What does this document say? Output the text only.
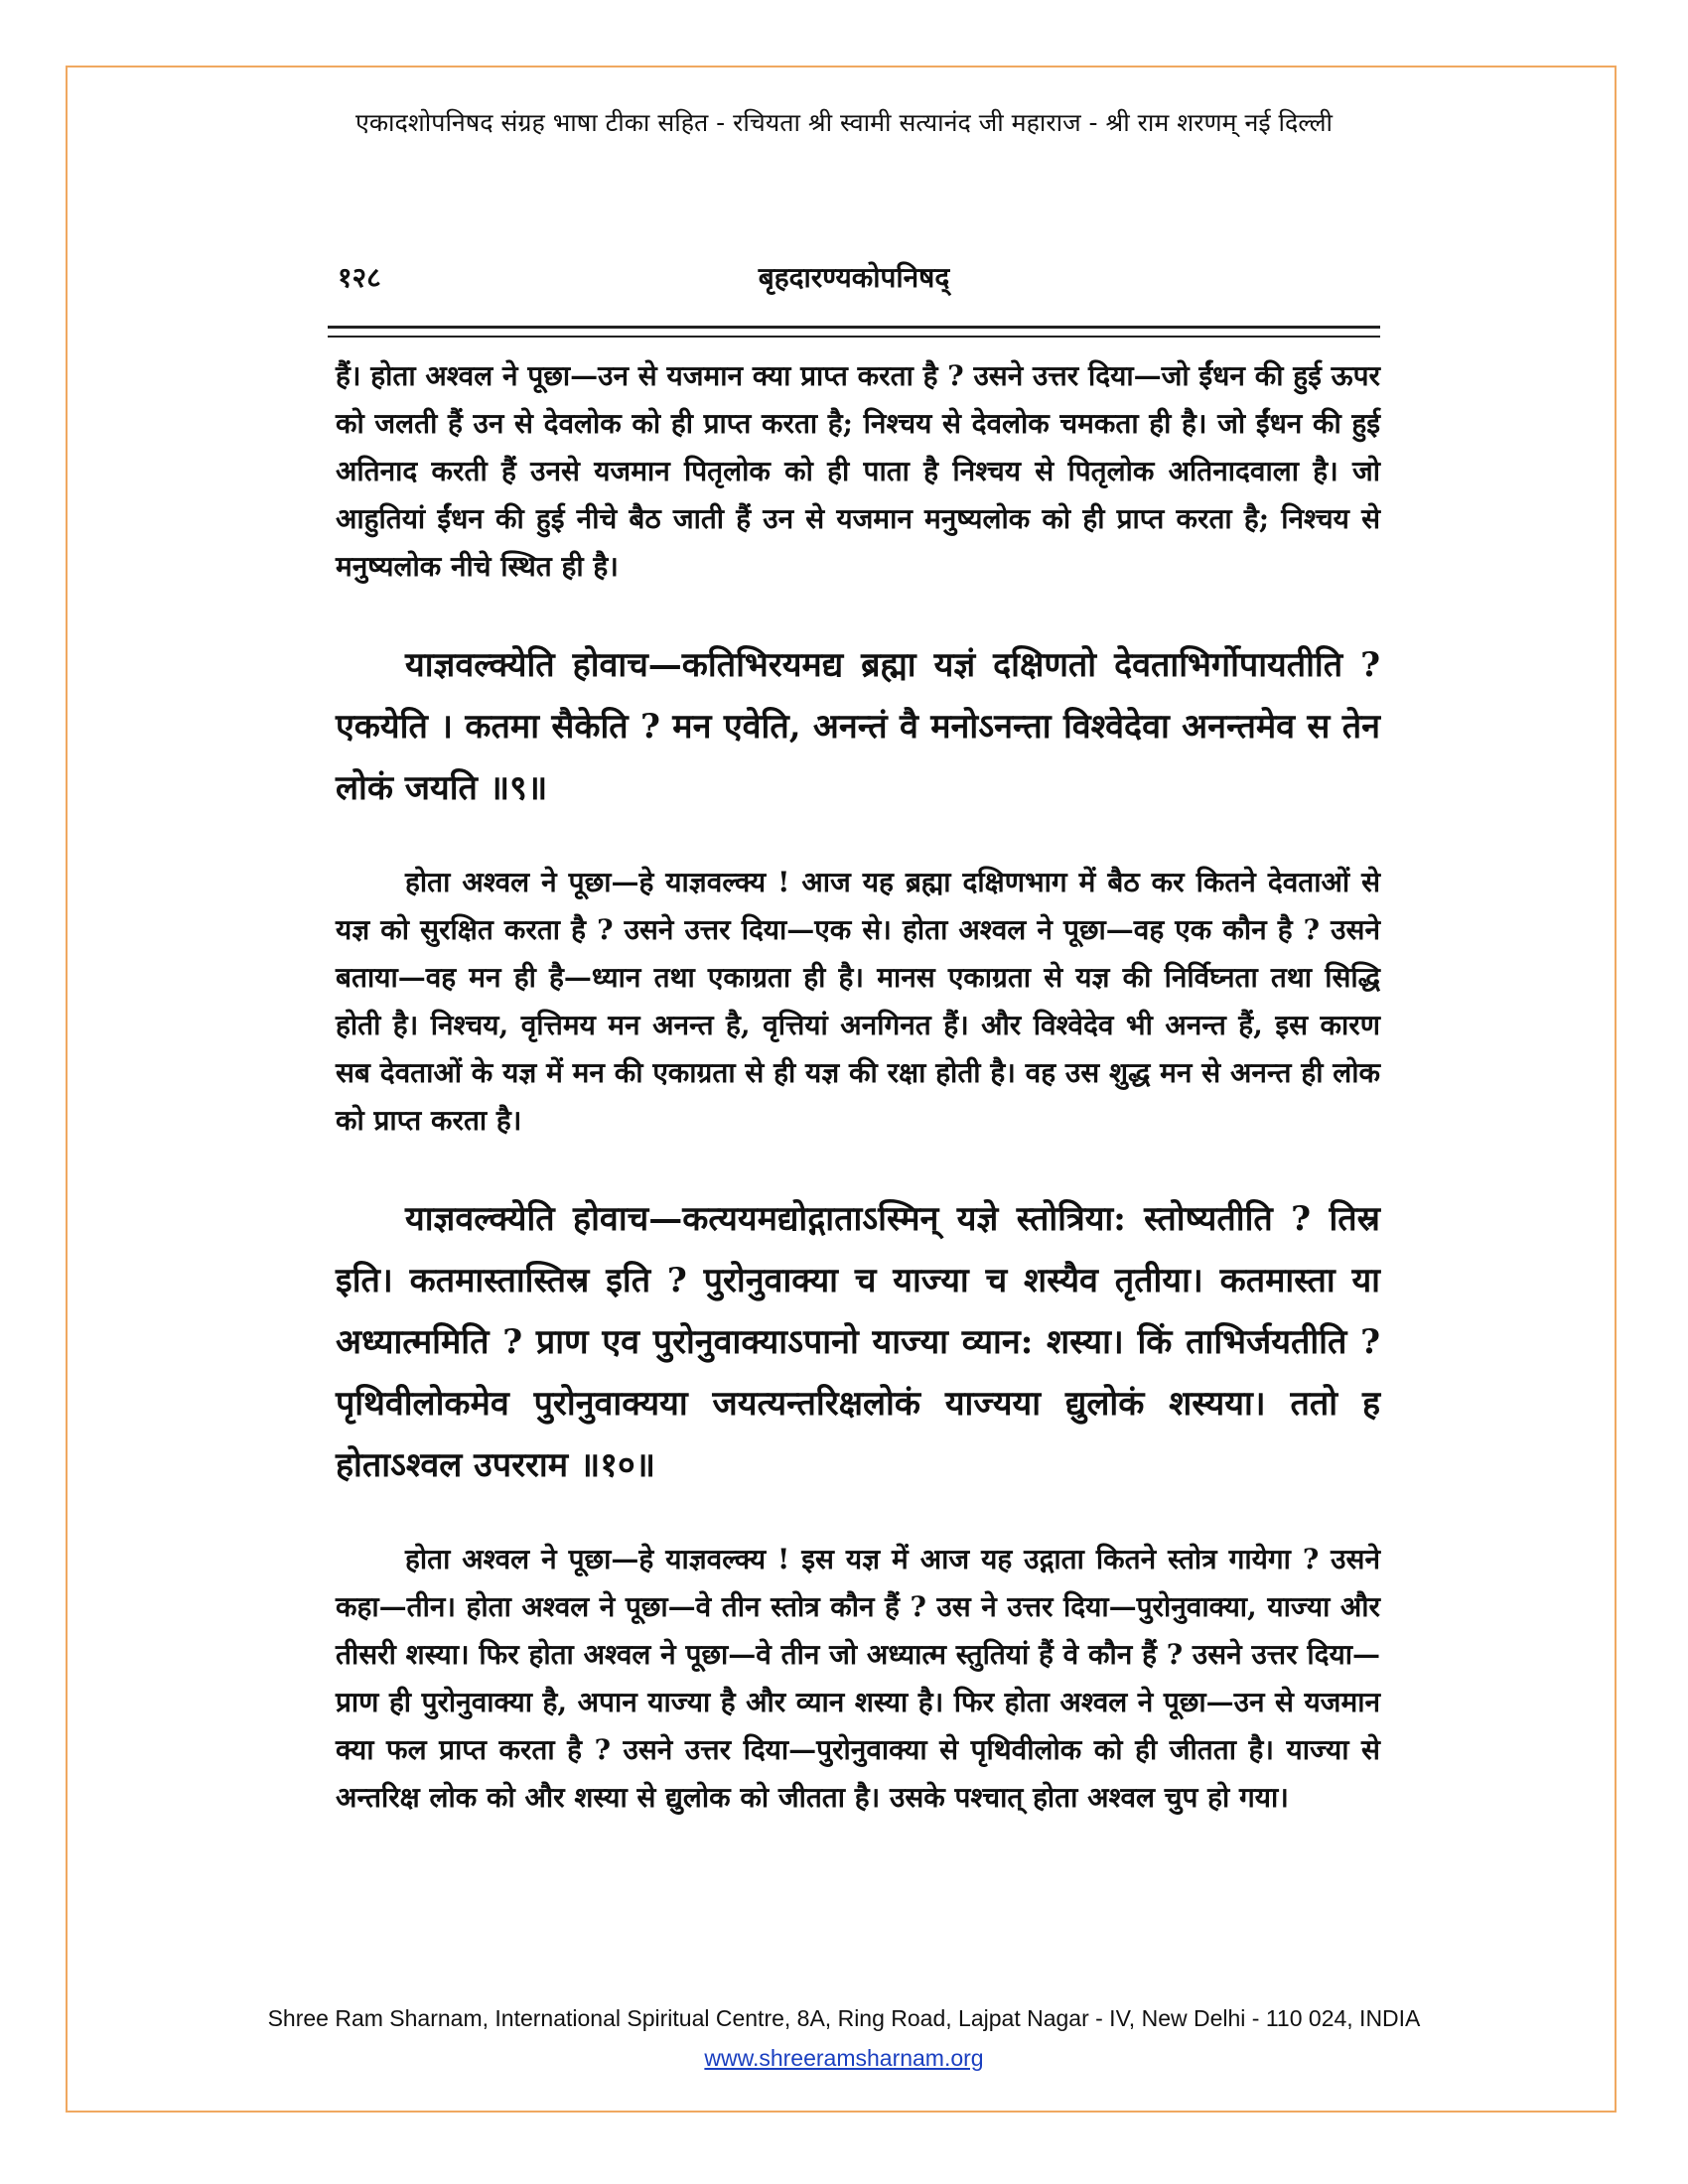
एकादशोपनिषद संग्रह भाषा टीका सहित - रचियता श्री स्वामी सत्यानंद जी महाराज - श्री राम शरणम् नई दिल्ली
१२८	बृहदारण्यकोपनिषद्

हैं। होता अश्वल ने पूछा—उन से यजमान क्या प्राप्त करता है ? उसने उत्तर दिया—जो ईंधन की हुई ऊपर को जलती हैं उन से देवलोक को ही प्राप्त करता है; निश्चय से देवलोक चमकता ही है। जो ईंधन की हुई अतिनाद करती हैं उनसे यजमान पितृलोक को ही पाता है निश्चय से पितृलोक अतिनादवाला है। जो आहुतियां ईंधन की हुई नीचे बैठ जाती हैं उन से यजमान मनुष्यलोक को ही प्राप्त करता है; निश्चय से मनुष्यलोक नीचे स्थित ही है।

याज्ञवल्क्येति होवाच—कतिभिरयमद्य ब्रह्मा यज्ञं दक्षिणतो देवताभिर्गोपायतीति ? एकयेति । कतमा सैकेति ? मन एवेति, अनन्तं वै मनोऽनन्ता विश्वेदेवा अनन्तमेव स तेन लोकं जयति ॥९॥

होता अश्वल ने पूछा—हे याज्ञवल्क्य ! आज यह ब्रह्मा दक्षिणभाग में बैठ कर कितने देवताओं से यज्ञ को सुरक्षित करता है ? उसने उत्तर दिया—एक से। होता अश्वल ने पूछा—वह एक कौन है ? उसने बताया—वह मन ही है—ध्यान तथा एकाग्रता ही है। मानस एकाग्रता से यज्ञ की निर्विघ्नता तथा सिद्धि होती है। निश्चय, वृत्तिमय मन अनन्त है, वृत्तियां अनगिनत हैं। और विश्वेदेव भी अनन्त हैं, इस कारण सब देवताओं के यज्ञ में मन की एकाग्रता से ही यज्ञ की रक्षा होती है। वह उस शुद्ध मन से अनन्त ही लोक को प्राप्त करता है।

याज्ञवल्क्येति होवाच—कत्ययमद्योद्गाताऽस्मिन् यज्ञे स्तोत्रिया: स्तोष्यतीति ? तिस्र इति। कतमास्तास्तिस्र इति ? पुरोनुवाक्या च याज्या च शस्यैव तृतीया। कतमास्ता या अध्यात्ममिति ? प्राण एव पुरोनुवाक्याऽपानो याज्या व्यान: शस्या। किं ताभिर्जयतीति ? पृथिवीलोकमेव पुरोनुवाक्यया जयत्यन्तरिक्षलोकं याज्यया द्युलोकं शस्यया। ततो ह होताऽश्वल उपरराम ॥१०॥

होता अश्वल ने पूछा—हे याज्ञवल्क्य ! इस यज्ञ में आज यह उद्गाता कितने स्तोत्र गायेगा ? उसने कहा—तीन। होता अश्वल ने पूछा—वे तीन स्तोत्र कौन हैं ? उस ने उत्तर दिया—पुरोनुवाक्या, याज्या और तीसरी शस्या। फिर होता अश्वल ने पूछा—वे तीन जो अध्यात्म स्तुतियां हैं वे कौन हैं ? उसने उत्तर दिया—प्राण ही पुरोनुवाक्या है, अपान याज्या है और व्यान शस्या है। फिर होता अश्वल ने पूछा—उन से यजमान क्या फल प्राप्त करता है ? उसने उत्तर दिया—पुरोनुवाक्या से पृथिवीलोक को ही जीतता है। याज्या से अन्तरिक्ष लोक को और शस्या से द्युलोक को जीतता है। उसके पश्चात् होता अश्वल चुप हो गया।

Shree Ram Sharnam, International Spiritual Centre, 8A, Ring Road, Lajpat Nagar - IV, New Delhi - 110 024, INDIA
www.shreeramsharnam.org
